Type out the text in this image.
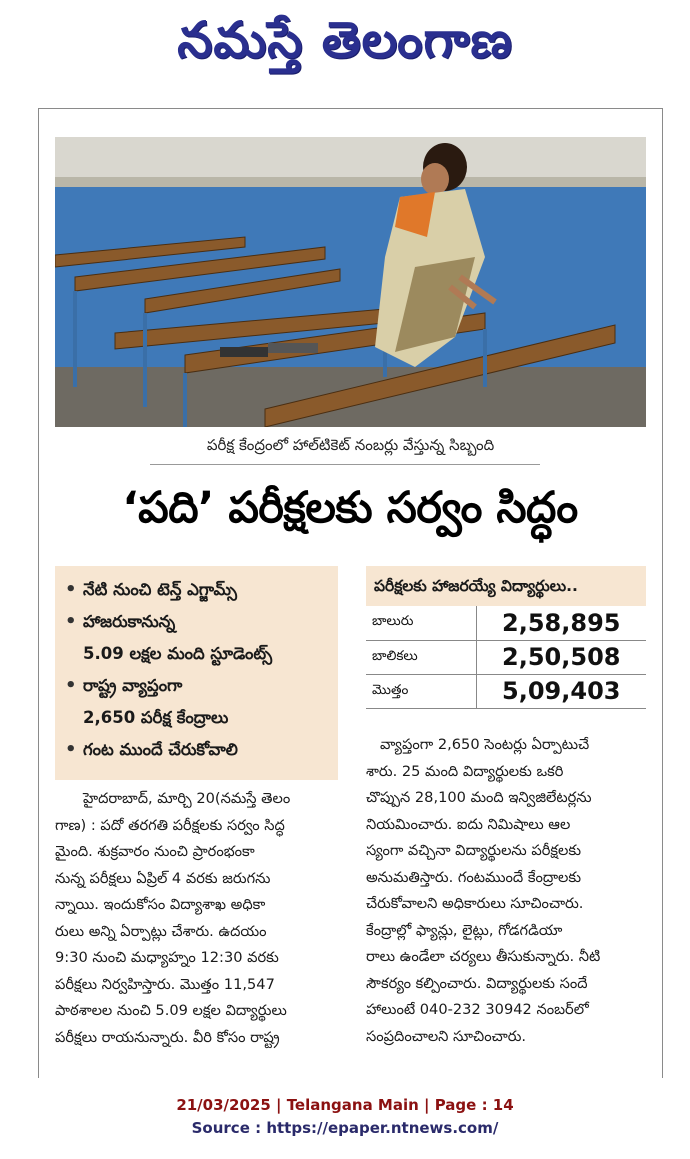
నమస్తే తెలంగాణ
పరీక్ష కేంద్రంలో హాల్‌టికెట్ నంబర్లు వేస్తున్న సిబ్బంది
‘పది’ పరీక్షలకు సర్వం సిద్ధం
• నేటి నుంచి టెన్త్ ఎగ్జామ్స్
• హాజరుకానున్న
5.09 లక్షల మంది స్టూడెంట్స్
• రాష్ట్ర వ్యాప్తంగా
2,650 పరీక్ష కేంద్రాలు
• గంట ముందే చేరుకోవాలి
పరీక్షలకు హాజరయ్యే విద్యార్థులు..
బాలురు	2,58,895
బాలికలు	2,50,508
మొత్తం	5,09,403
హైదరాబాద్, మార్చి 20(నమస్తే తెలం
గాణ) : పదో తరగతి పరీక్షలకు సర్వం సిద్ధ
మైంది. శుక్రవారం నుంచి ప్రారంభంకా
నున్న పరీక్షలు ఏప్రిల్ 4 వరకు జరుగను
న్నాయి. ఇందుకోసం విద్యాశాఖ అధికా
రులు అన్ని ఏర్పాట్లు చేశారు. ఉదయం
9:30 నుంచి మధ్యాహ్నం 12:30 వరకు
పరీక్షలు నిర్వహిస్తారు. మొత్తం 11,547
పాఠశాలల నుంచి 5.09 లక్షల విద్యార్థులు
పరీక్షలు రాయనున్నారు. వీరి కోసం రాష్ట్ర
వ్యాప్తంగా 2,650 సెంటర్లు ఏర్పాటుచే
శారు. 25 మంది విద్యార్థులకు ఒకరి
చొప్పున 28,100 మంది ఇన్విజిలేటర్లను
నియమించారు. ఐదు నిమిషాలు ఆల
స్యంగా వచ్చినా విద్యార్థులను పరీక్షలకు
అనుమతిస్తారు. గంటముందే కేంద్రాలకు
చేరుకోవాలని అధికారులు సూచించారు.
కేంద్రాల్లో ఫ్యాన్లు, లైట్లు, గోడగడియా
రాలు ఉండేలా చర్యలు తీసుకున్నారు. నీటి
సౌకర్యం కల్పించారు. విద్యార్థులకు సందే
హాలుంటే 040-232 30942 నంబర్‌లో
సంప్రదించాలని సూచించారు.
21/03/2025 | Telangana Main | Page : 14
Source : https://epaper.ntnews.com/
